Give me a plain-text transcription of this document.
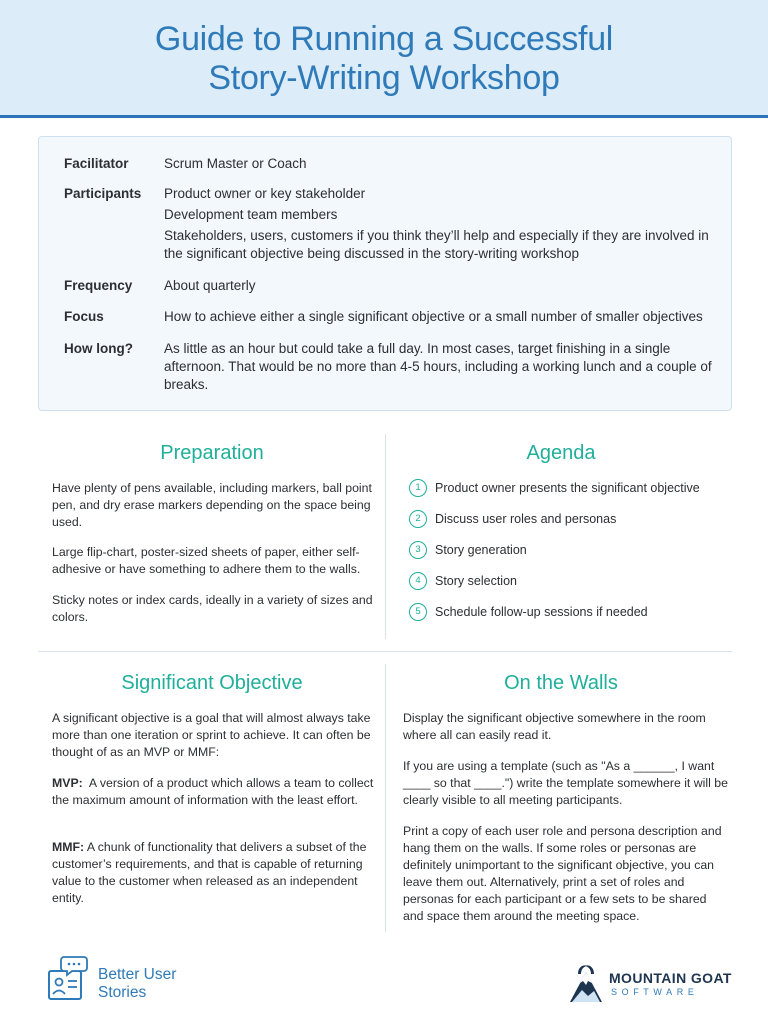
Guide to Running a Successful
Story-Writing Workshop
Facilitator	Scrum Master or Coach
Participants	Product owner or key stakeholder
Development team members
Stakeholders, users, customers if you think they’ll help and especially if they are involved in the significant objective being discussed in the story-writing workshop
Frequency	About quarterly
Focus	How to achieve either a single significant objective or a small number of smaller objectives
How long?	As little as an hour but could take a full day. In most cases, target finishing in a single afternoon. That would be no more than 4-5 hours, including a working lunch and a couple of breaks.
Preparation
Have plenty of pens available, including markers, ball point pen, and dry erase markers depending on the space being used.
Large flip-chart, poster-sized sheets of paper, either self-adhesive or have something to adhere them to the walls.
Sticky notes or index cards, ideally in a variety of sizes and colors.
Agenda
1	Product owner presents the significant objective
2	Discuss user roles and personas
3	Story generation
4	Story selection
5	Schedule follow-up sessions if needed
Significant Objective
A significant objective is a goal that will almost always take more than one iteration or sprint to achieve. It can often be thought of as an MVP or MMF:
MVP: A version of a product which allows a team to collect the maximum amount of information with the least effort.
MMF: A chunk of functionality that delivers a subset of the customer’s requirements, and that is capable of returning value to the customer when released as an independent entity.
On the Walls
Display the significant objective somewhere in the room where all can easily read it.
If you are using a template (such as "As a ______, I want ____ so that ____.") write the template somewhere it will be clearly visible to all meeting participants.
Print a copy of each user role and persona description and hang them on the walls. If some roles or personas are definitely unimportant to the significant objective, you can leave them out. Alternatively, print a set of roles and personas for each participant or a few sets to be shared and space them around the meeting space.
Better User
Stories
MOUNTAIN GOAT
SOFTWARE
